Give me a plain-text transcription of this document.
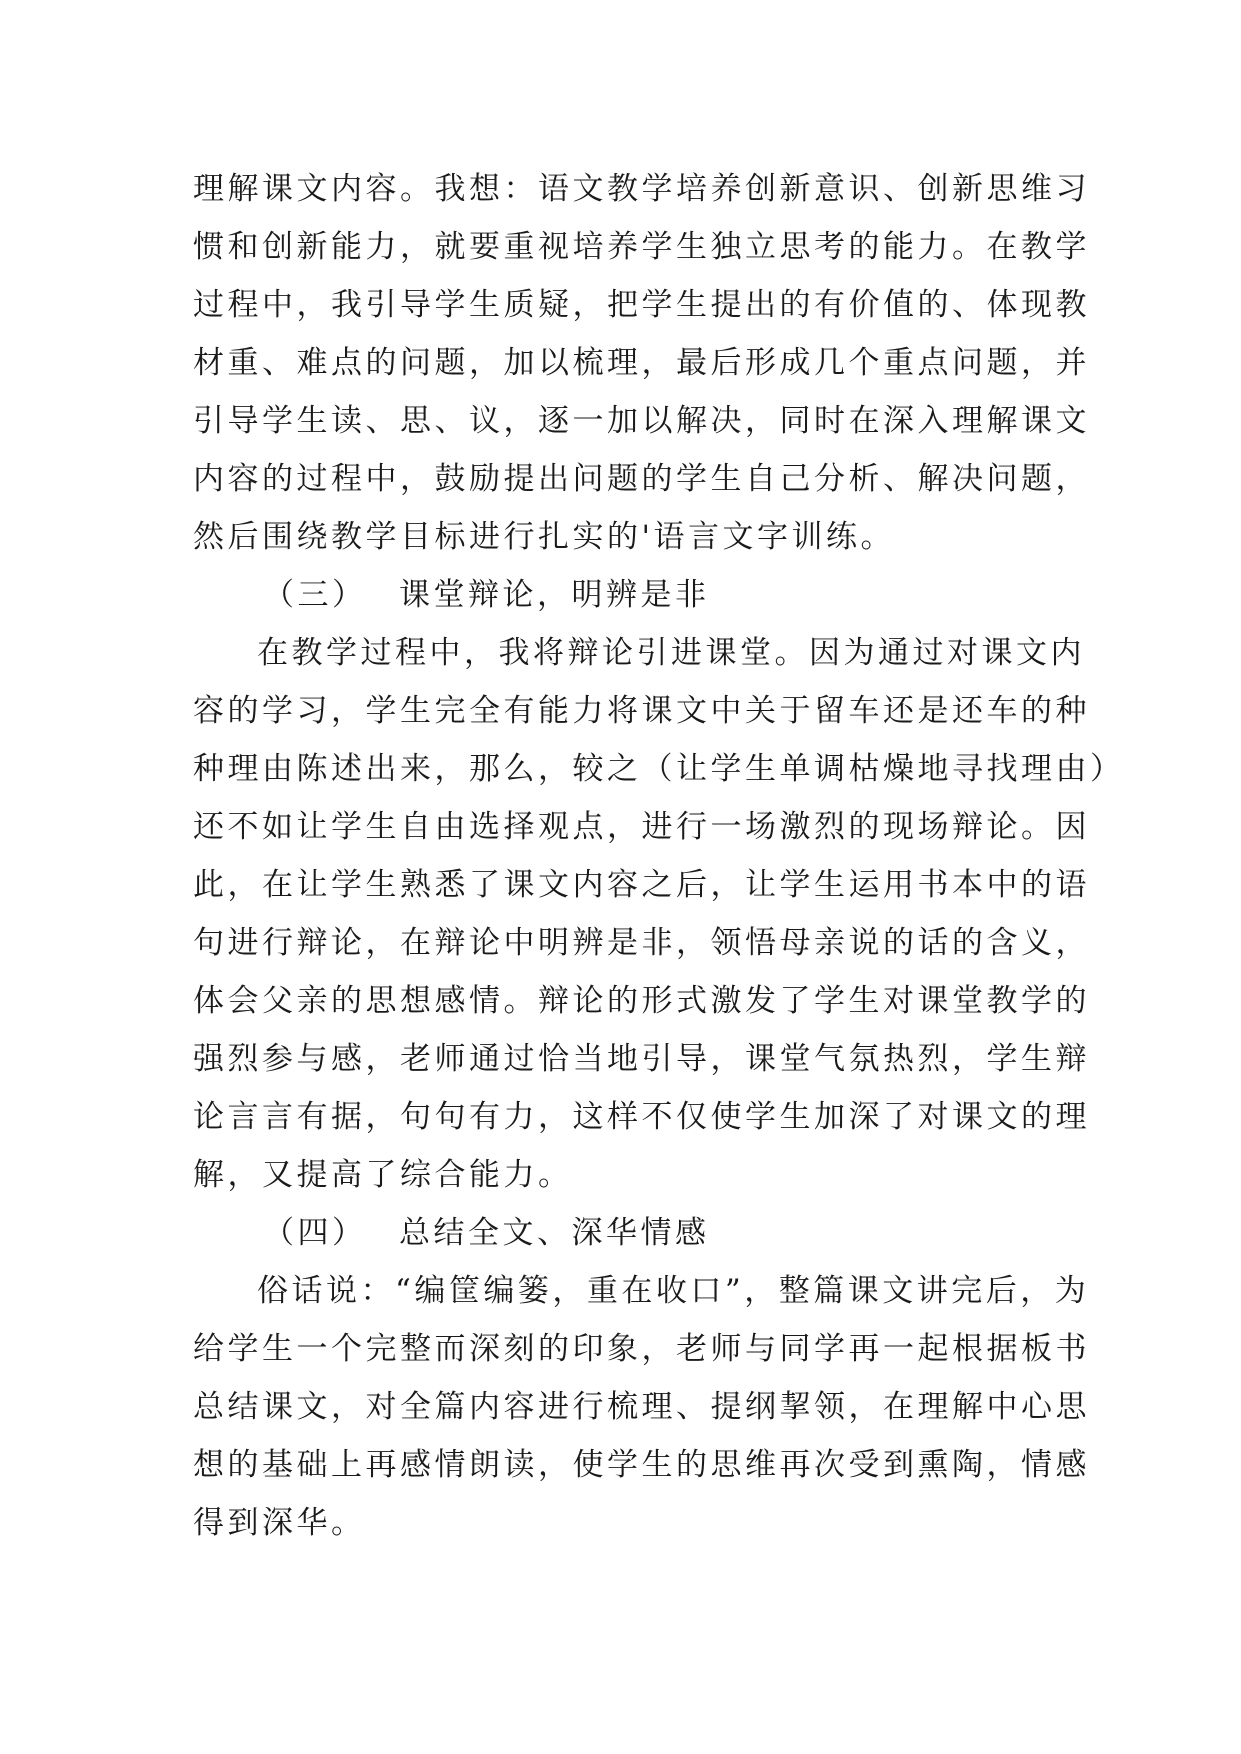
理解课文内容。我想：语文教学培养创新意识、创新思维习
惯和创新能力，就要重视培养学生独立思考的能力。在教学
过程中，我引导学生质疑，把学生提出的有价值的、体现教
材重、难点的问题，加以梳理，最后形成几个重点问题，并
引导学生读、思、议，逐一加以解决，同时在深入理解课文
内容的过程中，鼓励提出问题的学生自己分析、解决问题，
然后围绕教学目标进行扎实的'语言文字训练。
（三） 课堂辩论，明辨是非
在教学过程中，我将辩论引进课堂。因为通过对课文内
容的学习，学生完全有能力将课文中关于留车还是还车的种
种理由陈述出来，那么，较之（让学生单调枯燥地寻找理由）
还不如让学生自由选择观点，进行一场激烈的现场辩论。因
此，在让学生熟悉了课文内容之后，让学生运用书本中的语
句进行辩论，在辩论中明辨是非，领悟母亲说的话的含义，
体会父亲的思想感情。辩论的形式激发了学生对课堂教学的
强烈参与感，老师通过恰当地引导，课堂气氛热烈，学生辩
论言言有据，句句有力，这样不仅使学生加深了对课文的理
解，又提高了综合能力。
（四） 总结全文、深华情感
俗话说：“编筐编篓，重在收口”，整篇课文讲完后，为
给学生一个完整而深刻的印象，老师与同学再一起根据板书
总结课文，对全篇内容进行梳理、提纲挈领，在理解中心思
想的基础上再感情朗读，使学生的思维再次受到熏陶，情感
得到深华。
